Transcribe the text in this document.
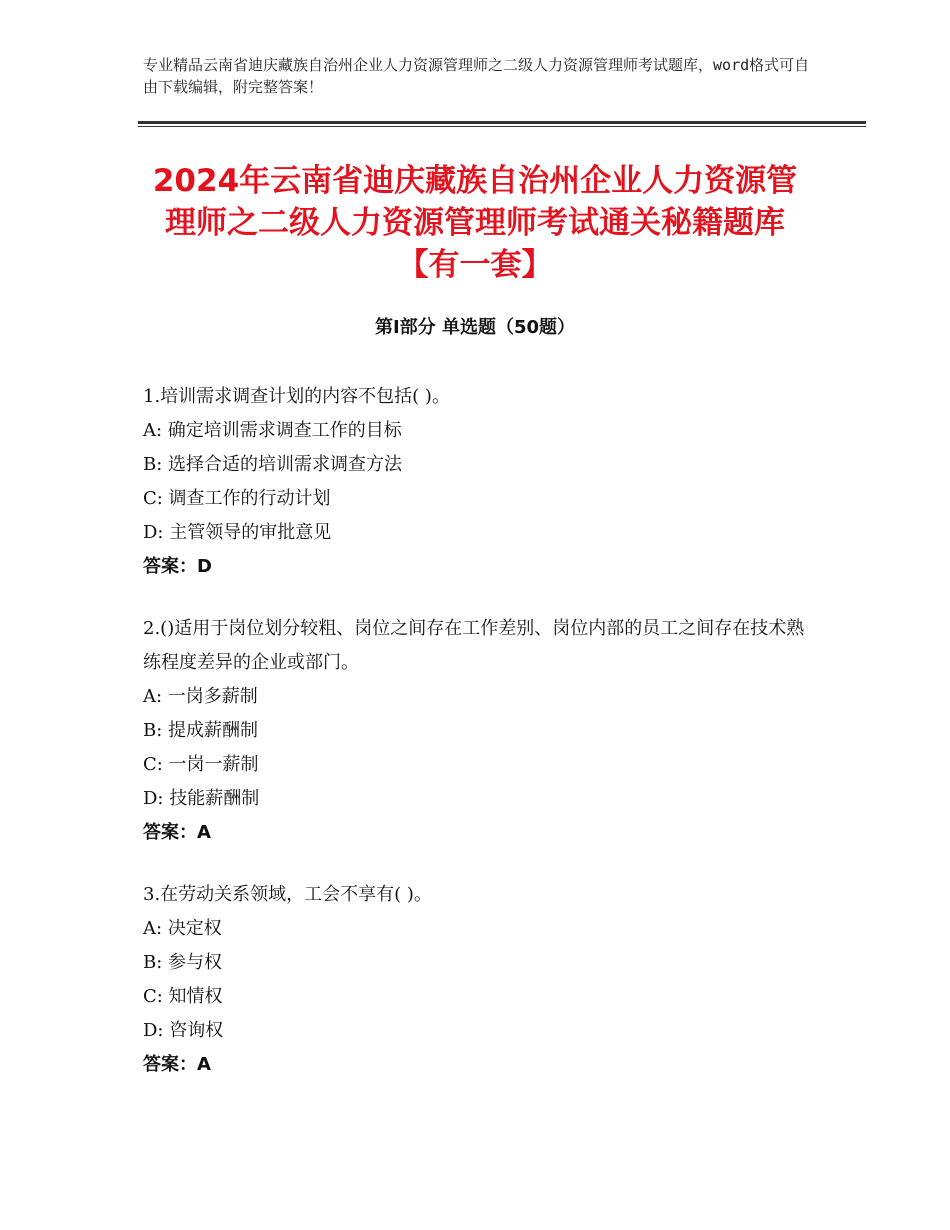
专业精品云南省迪庆藏族自治州企业人力资源管理师之二级人力资源管理师考试题库，word格式可自由下载编辑，附完整答案！
2024年云南省迪庆藏族自治州企业人力资源管理师之二级人力资源管理师考试通关秘籍题库【有一套】
第Ⅰ部分 单选题（50题）

1.培训需求调查计划的内容不包括( )。

A: 确定培训需求调查工作的目标

B: 选择合适的培训需求调查方法

C: 调查工作的行动计划

D: 主管领导的审批意见

答案：D

2.()适用于岗位划分较粗、岗位之间存在工作差别、岗位内部的员工之间存在技术熟练程度差异的企业或部门。

A: 一岗多薪制

B: 提成薪酬制

C: 一岗一薪制

D: 技能薪酬制

答案：A

3.在劳动关系领域，工会不享有( )。

A: 决定权

B: 参与权

C: 知情权

D: 咨询权

答案：A
